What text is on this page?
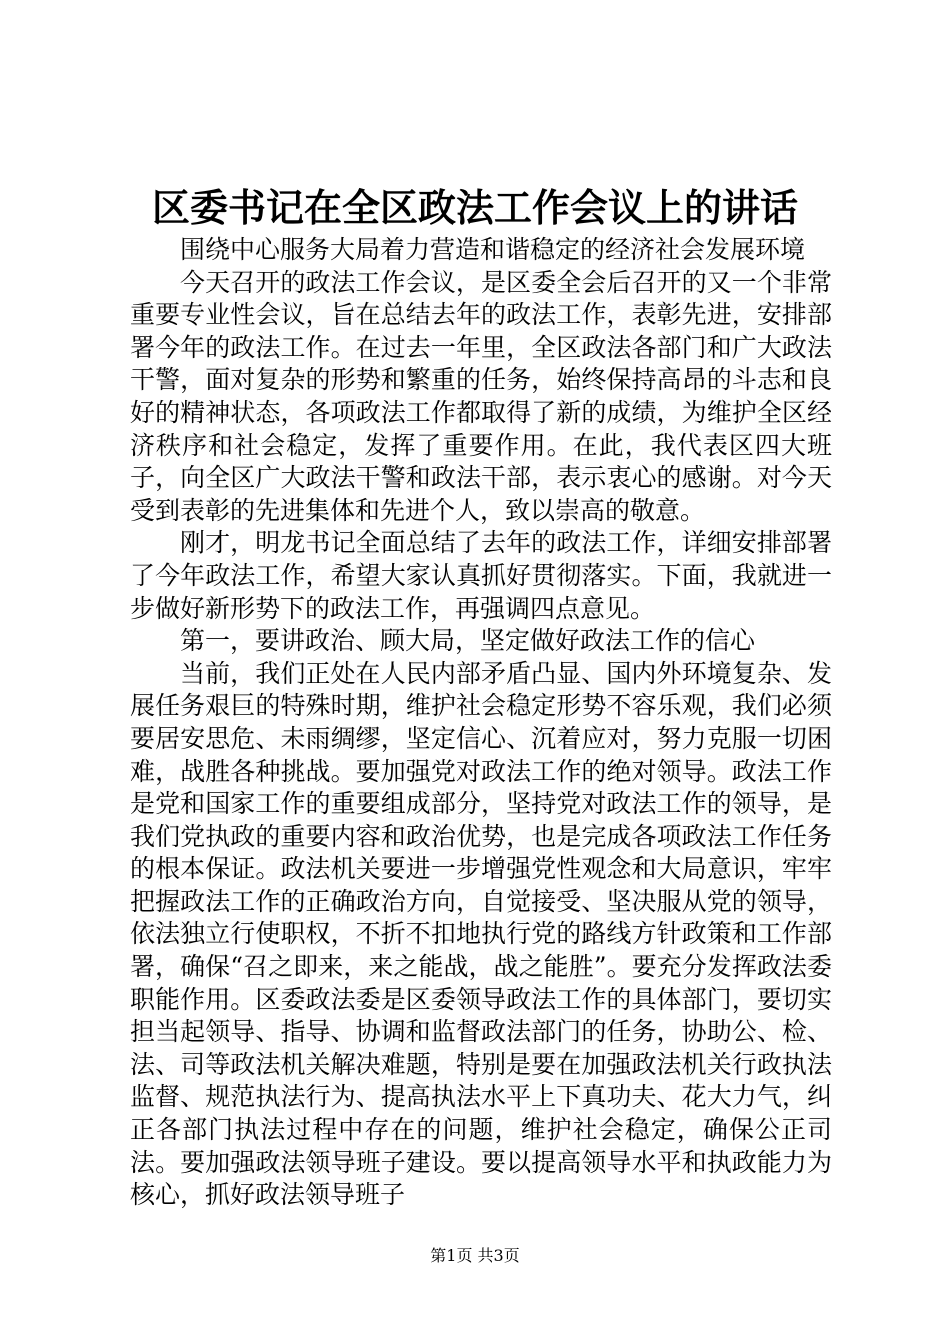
区委书记在全区政法工作会议上的讲话

围绕中心服务大局着力营造和谐稳定的经济社会发展环境

今天召开的政法工作会议，是区委全会后召开的又一个非常重要专业性会议，旨在总结去年的政法工作，表彰先进，安排部署今年的政法工作。在过去一年里，全区政法各部门和广大政法干警，面对复杂的形势和繁重的任务，始终保持高昂的斗志和良好的精神状态，各项政法工作都取得了新的成绩，为维护全区经济秩序和社会稳定，发挥了重要作用。在此，我代表区四大班子，向全区广大政法干警和政法干部，表示衷心的感谢。对今天受到表彰的先进集体和先进个人，致以崇高的敬意。

刚才，明龙书记全面总结了去年的政法工作，详细安排部署了今年政法工作，希望大家认真抓好贯彻落实。下面，我就进一步做好新形势下的政法工作，再强调四点意见。

第一，要讲政治、顾大局，坚定做好政法工作的信心

当前，我们正处在人民内部矛盾凸显、国内外环境复杂、发展任务艰巨的特殊时期，维护社会稳定形势不容乐观，我们必须要居安思危、未雨绸缪，坚定信心、沉着应对，努力克服一切困难，战胜各种挑战。要加强党对政法工作的绝对领导。政法工作是党和国家工作的重要组成部分，坚持党对政法工作的领导，是我们党执政的重要内容和政治优势，也是完成各项政法工作任务的根本保证。政法机关要进一步增强党性观念和大局意识，牢牢把握政法工作的正确政治方向，自觉接受、坚决服从党的领导，依法独立行使职权，不折不扣地执行党的路线方针政策和工作部署，确保“召之即来，来之能战，战之能胜”。要充分发挥政法委职能作用。区委政法委是区委领导政法工作的具体部门，要切实担当起领导、指导、协调和监督政法部门的任务，协助公、检、法、司等政法机关解决难题，特别是要在加强政法机关行政执法监督、规范执法行为、提高执法水平上下真功夫、花大力气，纠正各部门执法过程中存在的问题，维护社会稳定，确保公正司法。要加强政法领导班子建设。要以提高领导水平和执政能力为核心，抓好政法领导班子

第1页 共3页
